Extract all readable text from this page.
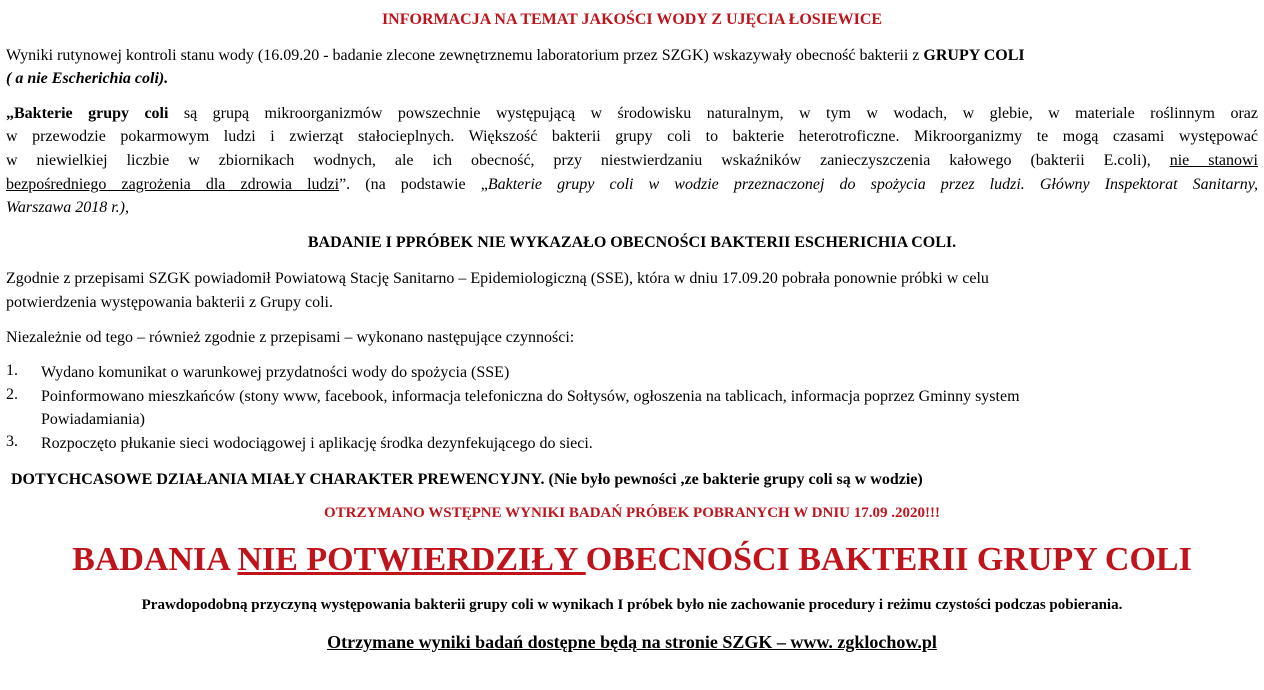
INFORMACJA NA TEMAT JAKOŚCI WODY Z UJĘCIA ŁOSIEWICE
Wyniki rutynowej kontroli stanu wody (16.09.20 - badanie zlecone zewnętrznemu laboratorium przez SZGK) wskazywały obecność bakterii z GRUPY COLI
( a nie Escherichia coli).
„Bakterie grupy coli są grupą mikroorganizmów powszechnie występującą w środowisku naturalnym, w tym w wodach, w glebie, w materiale roślinnym oraz
w przewodzie pokarmowym ludzi i zwierząt stałocieplnych. Większość bakterii grupy coli to bakterie heterotroficzne. Mikroorganizmy te mogą czasami występować
w niewielkiej liczbie w zbiornikach wodnych, ale ich obecność, przy niestwierdzaniu wskaźników zanieczyszczenia kałowego (bakterii E.coli), nie stanowi
bezpośredniego zagrożenia dla zdrowia ludzi”. (na podstawie „Bakterie grupy coli w wodzie przeznaczonej do spożycia przez ludzi. Główny Inspektorat Sanitarny,
Warszawa 2018 r.),
BADANIE I PPRÓBEK NIE WYKAZAŁO OBECNOŚCI BAKTERII ESCHERICHIA COLI.
Zgodnie z przepisami SZGK powiadomił Powiatową Stację Sanitarno – Epidemiologiczną (SSE), która w dniu 17.09.20 pobrała ponownie próbki w celu
potwierdzenia występowania bakterii z Grupy coli.
Niezależnie od tego – również zgodnie z przepisami – wykonano następujące czynności:
1. Wydano komunikat o warunkowej przydatności wody do spożycia (SSE)
2. Poinformowano mieszkańców (stony www, facebook, informacja telefoniczna do Sołtysów, ogłoszenia na tablicach, informacja poprzez Gminny system
Powiadamiania)
3. Rozpoczęto płukanie sieci wodociągowej i aplikację środka dezynfekującego do sieci.
DOTYCHCASOWE DZIAŁANIA MIAŁY CHARAKTER PREWENCYJNY. (Nie było pewności ,ze bakterie grupy coli są w wodzie)
OTRZYMANO WSTĘPNE WYNIKI BADAŃ PRÓBEK POBRANYCH W DNIU 17.09 .2020!!!
BADANIA NIE POTWIERDZIŁY OBECNOŚCI BAKTERII GRUPY COLI
Prawdopodobną przyczyną występowania bakterii grupy coli w wynikach I próbek było nie zachowanie procedury i reżimu czystości podczas pobierania.
Otrzymane wyniki badań dostępne będą na stronie SZGK – www. zgklochow.pl
